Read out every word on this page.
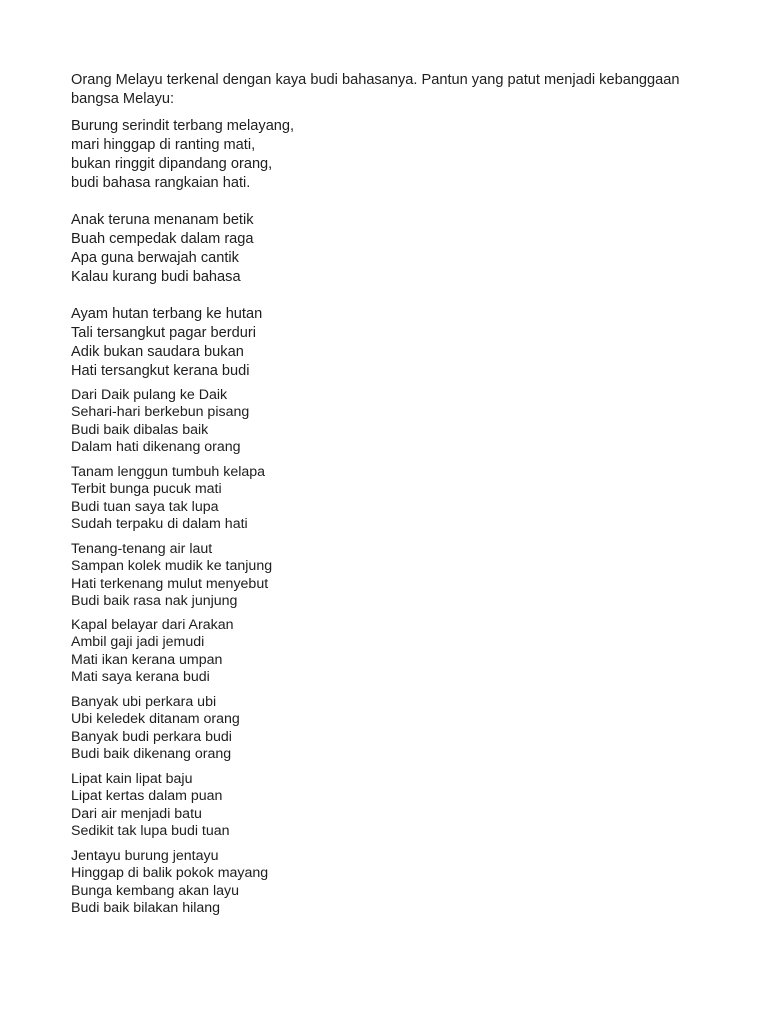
Orang Melayu terkenal dengan kaya budi bahasanya. Pantun yang patut menjadi kebanggaan bangsa Melayu:

Burung serindit terbang melayang,
mari hinggap di ranting mati,
bukan ringgit dipandang orang,
budi bahasa rangkaian hati.
Anak teruna menanam betik
Buah cempedak dalam raga
Apa guna berwajah cantik
Kalau kurang budi bahasa
Ayam hutan terbang ke hutan
Tali tersangkut pagar berduri
Adik bukan saudara bukan
Hati tersangkut kerana budi
Dari Daik pulang ke Daik
Sehari-hari berkebun pisang
Budi baik dibalas baik
Dalam hati dikenang orang
Tanam lenggun tumbuh kelapa
Terbit bunga pucuk mati
Budi tuan saya tak lupa
Sudah terpaku di dalam hati
Tenang-tenang air laut
Sampan kolek mudik ke tanjung
Hati terkenang mulut menyebut
Budi baik rasa nak junjung
Kapal belayar dari Arakan
Ambil gaji jadi jemudi
Mati ikan kerana umpan
Mati saya kerana budi
Banyak ubi perkara ubi
Ubi keledek ditanam orang
Banyak budi perkara budi
Budi baik dikenang orang
Lipat kain lipat baju
Lipat kertas dalam puan
Dari air menjadi batu
Sedikit tak lupa budi tuan
Jentayu burung jentayu
Hinggap di balik pokok mayang
Bunga kembang akan layu
Budi baik bilakan hilang
